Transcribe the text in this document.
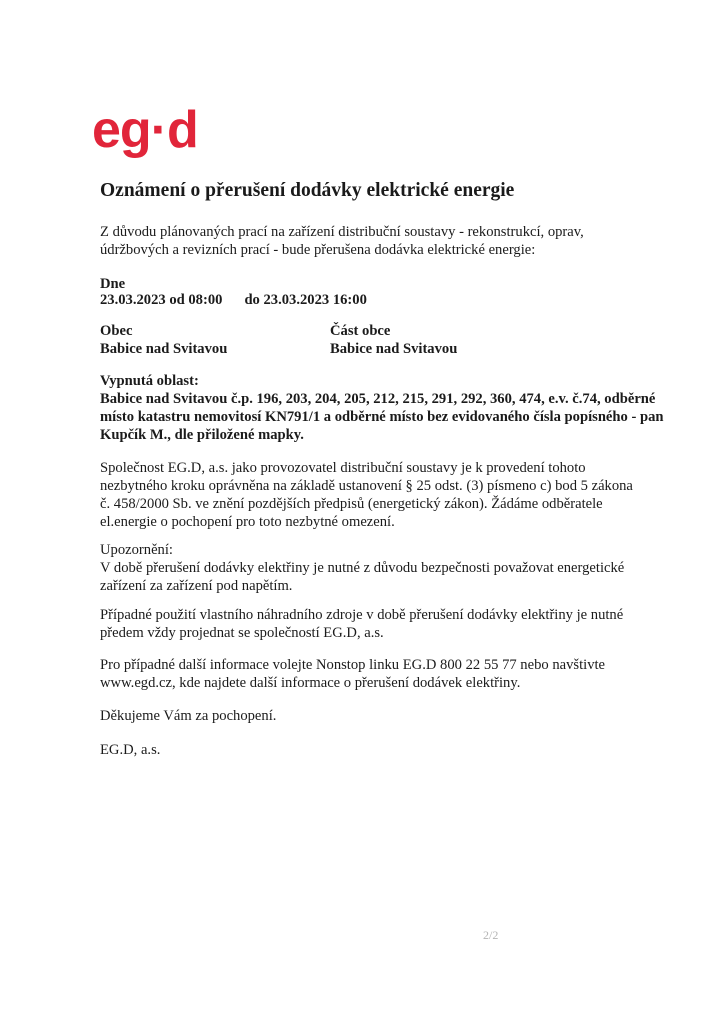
eg·d
Oznámení o přerušení dodávky elektrické energie
Z důvodu plánovaných prací na zařízení distribuční soustavy - rekonstrukcí, oprav, údržbových a revizních prací - bude přerušena dodávka elektrické energie:
Dne
23.03.2023 od 08:00 do 23.03.2023 16:00
Obec
Babice nad Svitavou
Část obce
Babice nad Svitavou
Vypnutá oblast:
Babice nad Svitavou č.p. 196, 203, 204, 205, 212, 215, 291, 292, 360, 474, e.v. č.74, odběrné místo katastru nemovitosí KN791/1 a odběrné místo bez evidovaného čísla popísného - pan Kupčík M., dle přiložené mapky.
Společnost EG.D, a.s. jako provozovatel distribuční soustavy je k provedení tohoto nezbytného kroku oprávněna na základě ustanovení § 25 odst. (3) písmeno c) bod 5 zákona č. 458/2000 Sb. ve znění pozdějších předpisů (energetický zákon). Žádáme odběratele el.energie o pochopení pro toto nezbytné omezení.
Upozornění:
V době přerušení dodávky elektřiny je nutné z důvodu bezpečnosti považovat energetické zařízení za zařízení pod napětím.
Případné použití vlastního náhradního zdroje v době přerušení dodávky elektřiny je nutné předem vždy projednat se společností EG.D, a.s.
Pro případné další informace volejte Nonstop linku EG.D 800 22 55 77 nebo navštivte www.egd.cz, kde najdete další informace o přerušení dodávek elektřiny.
Děkujeme Vám za pochopení.
EG.D, a.s.
2/2
